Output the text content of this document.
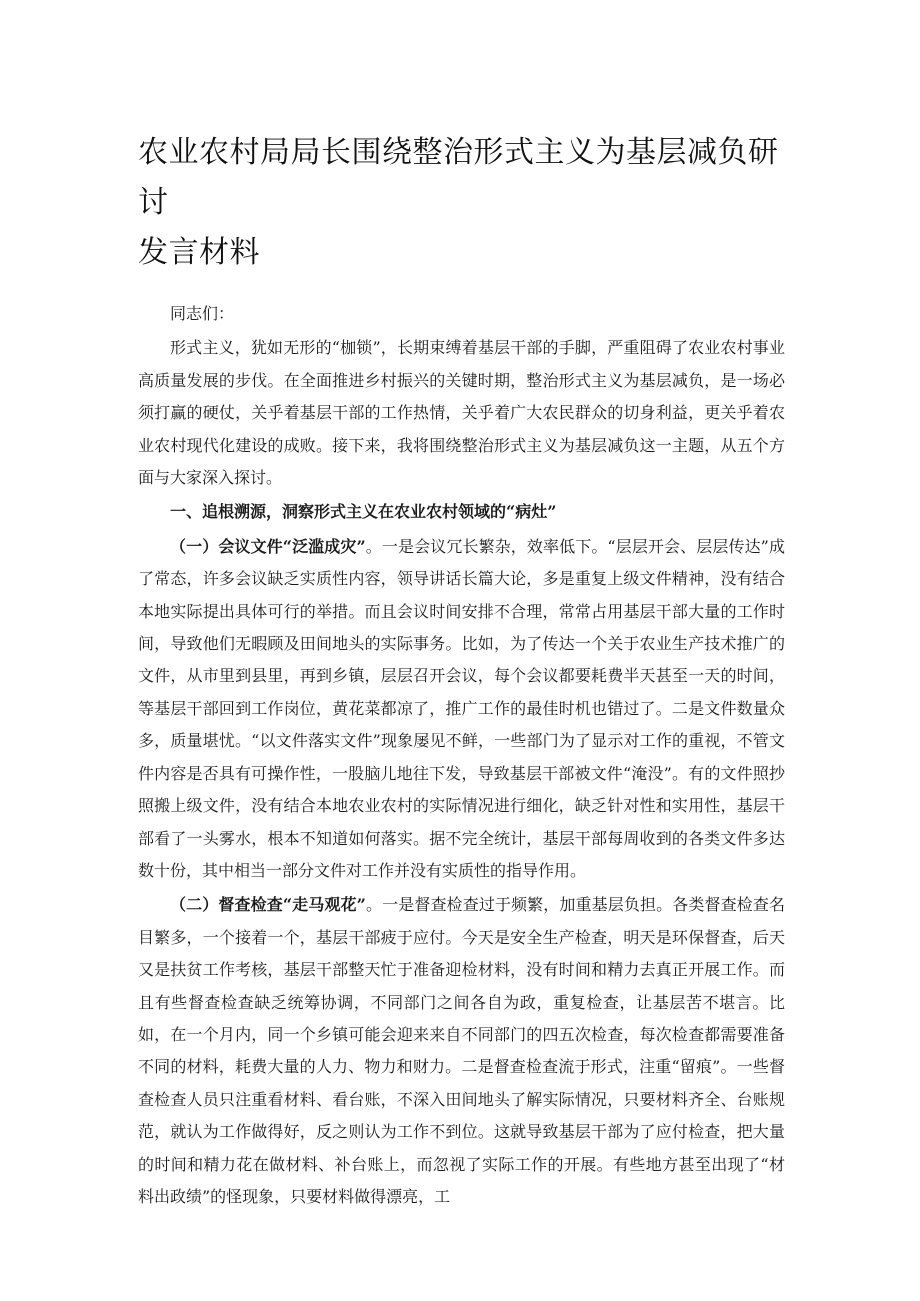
农业农村局局长围绕整治形式主义为基层减负研讨
发言材料

同志们：

形式主义，犹如无形的“枷锁”，长期束缚着基层干部的手脚，严重阻碍了农业农村事业高质量发展的步伐。在全面推进乡村振兴的关键时期，整治形式主义为基层减负，是一场必须打赢的硬仗，关乎着基层干部的工作热情，关乎着广大农民群众的切身利益，更关乎着农业农村现代化建设的成败。接下来，我将围绕整治形式主义为基层减负这一主题，从五个方面与大家深入探讨。

一、追根溯源，洞察形式主义在农业农村领域的“病灶”

（一）会议文件“泛滥成灾”。一是会议冗长繁杂，效率低下。“层层开会、层层传达”成了常态，许多会议缺乏实质性内容，领导讲话长篇大论，多是重复上级文件精神，没有结合本地实际提出具体可行的举措。而且会议时间安排不合理，常常占用基层干部大量的工作时间，导致他们无暇顾及田间地头的实际事务。比如，为了传达一个关于农业生产技术推广的文件，从市里到县里，再到乡镇，层层召开会议，每个会议都要耗费半天甚至一天的时间，等基层干部回到工作岗位，黄花菜都凉了，推广工作的最佳时机也错过了。二是文件数量众多，质量堪忧。“以文件落实文件”现象屡见不鲜，一些部门为了显示对工作的重视，不管文件内容是否具有可操作性，一股脑儿地往下发，导致基层干部被文件“淹没”。有的文件照抄照搬上级文件，没有结合本地农业农村的实际情况进行细化，缺乏针对性和实用性，基层干部看了一头雾水，根本不知道如何落实。据不完全统计，基层干部每周收到的各类文件多达数十份，其中相当一部分文件对工作并没有实质性的指导作用。

（二）督查检查“走马观花”。一是督查检查过于频繁，加重基层负担。各类督查检查名目繁多，一个接着一个，基层干部疲于应付。今天是安全生产检查，明天是环保督查，后天又是扶贫工作考核，基层干部整天忙于准备迎检材料，没有时间和精力去真正开展工作。而且有些督查检查缺乏统筹协调，不同部门之间各自为政，重复检查，让基层苦不堪言。比如，在一个月内，同一个乡镇可能会迎来来自不同部门的四五次检查，每次检查都需要准备不同的材料，耗费大量的人力、物力和财力。二是督查检查流于形式，注重“留痕”。一些督查检查人员只注重看材料、看台账，不深入田间地头了解实际情况，只要材料齐全、台账规范，就认为工作做得好，反之则认为工作不到位。这就导致基层干部为了应付检查，把大量的时间和精力花在做材料、补台账上，而忽视了实际工作的开展。有些地方甚至出现了“材料出政绩”的怪现象，只要材料做得漂亮，工
